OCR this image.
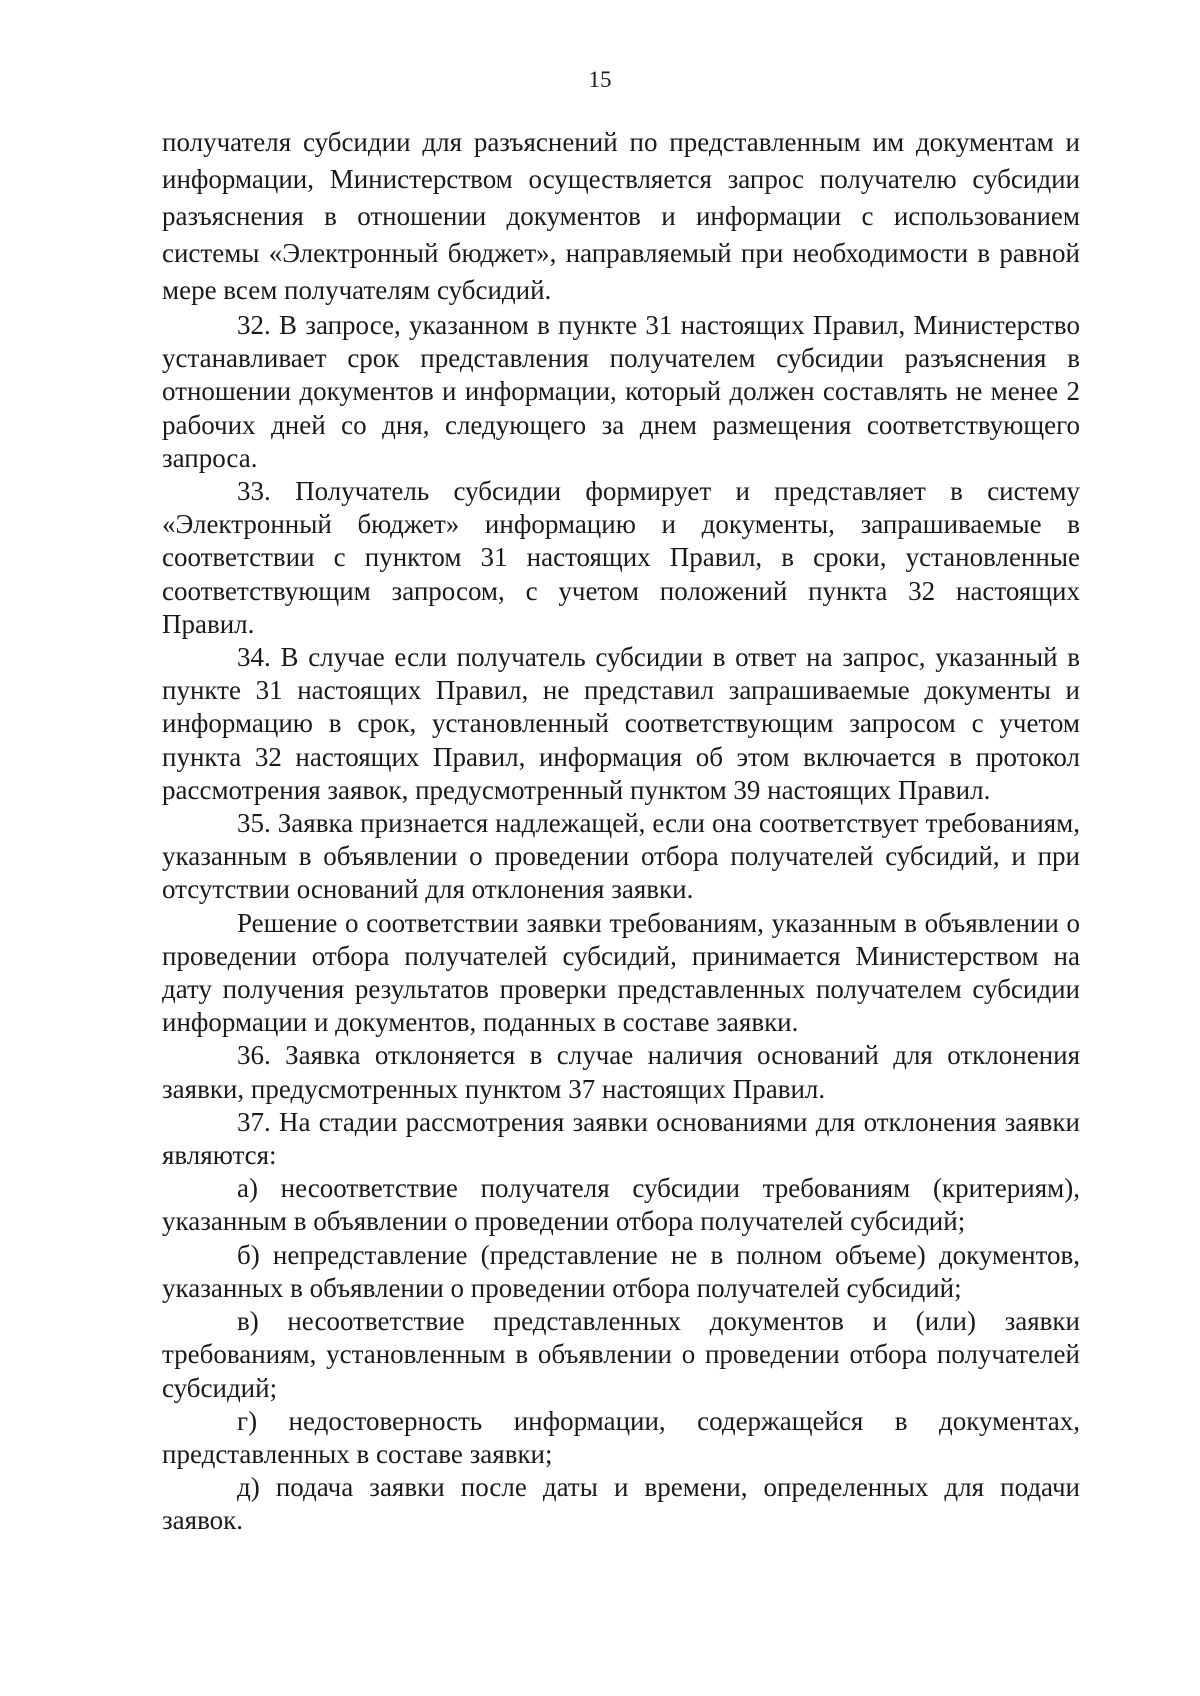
15

получателя субсидии для разъяснений по представленным им документам и информации, Министерством осуществляется запрос получателю субсидии разъяснения в отношении документов и информации с использованием системы «Электронный бюджет», направляемый при необходимости в равной мере всем получателям субсидий.

32. В запросе, указанном в пункте 31 настоящих Правил, Министерство устанавливает срок представления получателем субсидии разъяснения в отношении документов и информации, который должен составлять не менее 2 рабочих дней со дня, следующего за днем размещения соответствующего запроса.

33. Получатель субсидии формирует и представляет в систему «Электронный бюджет» информацию и документы, запрашиваемые в соответствии с пунктом 31 настоящих Правил, в сроки, установленные соответствующим запросом, с учетом положений пункта 32 настоящих Правил.

34. В случае если получатель субсидии в ответ на запрос, указанный в пункте 31 настоящих Правил, не представил запрашиваемые документы и информацию в срок, установленный соответствующим запросом с учетом пункта 32 настоящих Правил, информация об этом включается в протокол рассмотрения заявок, предусмотренный пунктом 39 настоящих Правил.

35. Заявка признается надлежащей, если она соответствует требованиям, указанным в объявлении о проведении отбора получателей субсидий, и при отсутствии оснований для отклонения заявки.

Решение о соответствии заявки требованиям, указанным в объявлении о проведении отбора получателей субсидий, принимается Министерством на дату получения результатов проверки представленных получателем субсидии информации и документов, поданных в составе заявки.

36. Заявка отклоняется в случае наличия оснований для отклонения заявки, предусмотренных пунктом 37 настоящих Правил.

37. На стадии рассмотрения заявки основаниями для отклонения заявки являются:

а) несоответствие получателя субсидии требованиям (критериям), указанным в объявлении о проведении отбора получателей субсидий;

б) непредставление (представление не в полном объеме) документов, указанных в объявлении о проведении отбора получателей субсидий;

в) несоответствие представленных документов и (или) заявки требованиям, установленным в объявлении о проведении отбора получателей субсидий;

г) недостоверность информации, содержащейся в документах, представленных в составе заявки;

д) подача заявки после даты и времени, определенных для подачи заявок.
